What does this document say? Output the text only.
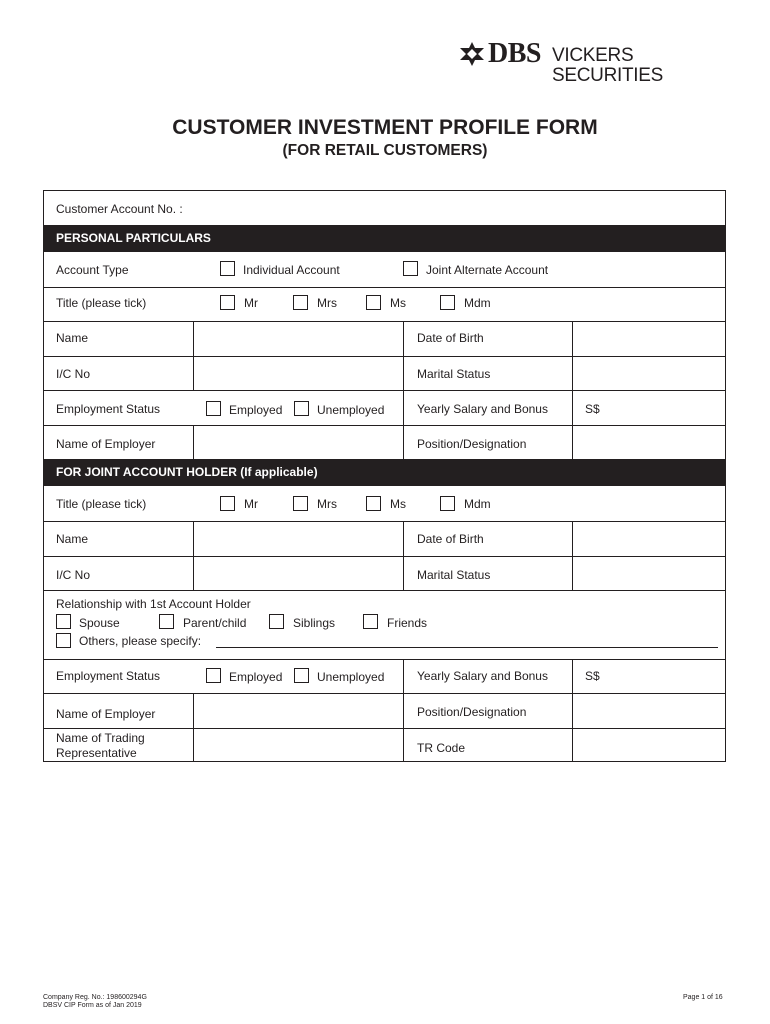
DBS VICKERS SECURITIES
CUSTOMER INVESTMENT PROFILE FORM
(FOR RETAIL CUSTOMERS)
Customer Account No. :
PERSONAL PARTICULARS
Account Type	Individual Account	Joint Alternate Account
Title (please tick)	Mr	Mrs	Ms	Mdm
Name	Date of Birth
I/C No	Marital Status
Employment Status	Employed	Unemployed	Yearly Salary and Bonus	S$
Name of Employer	Position/Designation
FOR JOINT ACCOUNT HOLDER (If applicable)
Title (please tick)	Mr	Mrs	Ms	Mdm
Name	Date of Birth
I/C No	Marital Status
Relationship with 1st Account Holder
Spouse	Parent/child	Siblings	Friends
Others, please specify:
Employment Status	Employed	Unemployed	Yearly Salary and Bonus	S$
Name of Employer	Position/Designation
Name of Trading
Representative	TR Code
Company Reg. No.: 198600294G
DBSV CIP Form as of Jan 2019
Page 1 of 16
